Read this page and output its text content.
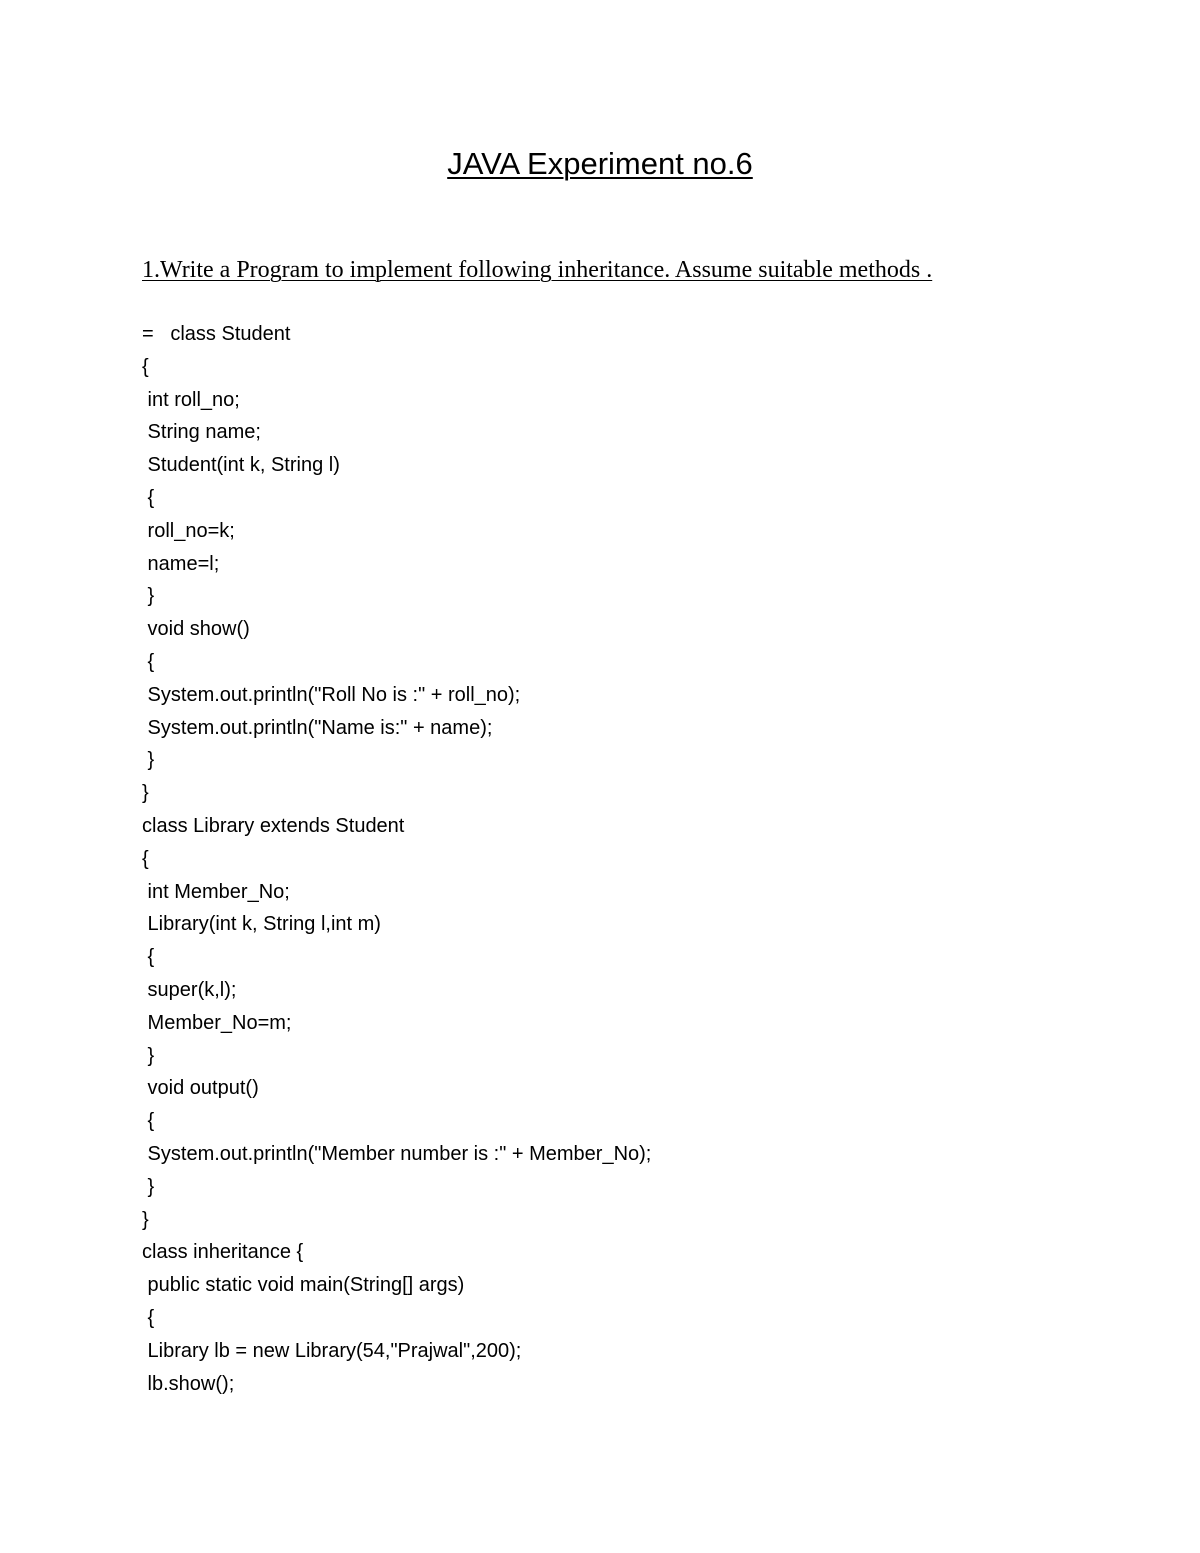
JAVA Experiment no.6
1.Write a Program to implement following inheritance. Assume suitable methods .
=   class Student
{
int roll_no;
String name;
Student(int k, String l)
{
roll_no=k;
name=l;
}
void show()
{
System.out.println("Roll No is :" + roll_no);
System.out.println("Name is:" + name);
}
}
class Library extends Student
{
int Member_No;
Library(int k, String l,int m)
{
super(k,l);
Member_No=m;
}
void output()
{
System.out.println("Member number is :" + Member_No);
}
}
class inheritance {
public static void main(String[] args)
{
Library lb = new Library(54,"Prajwal",200);
lb.show();
